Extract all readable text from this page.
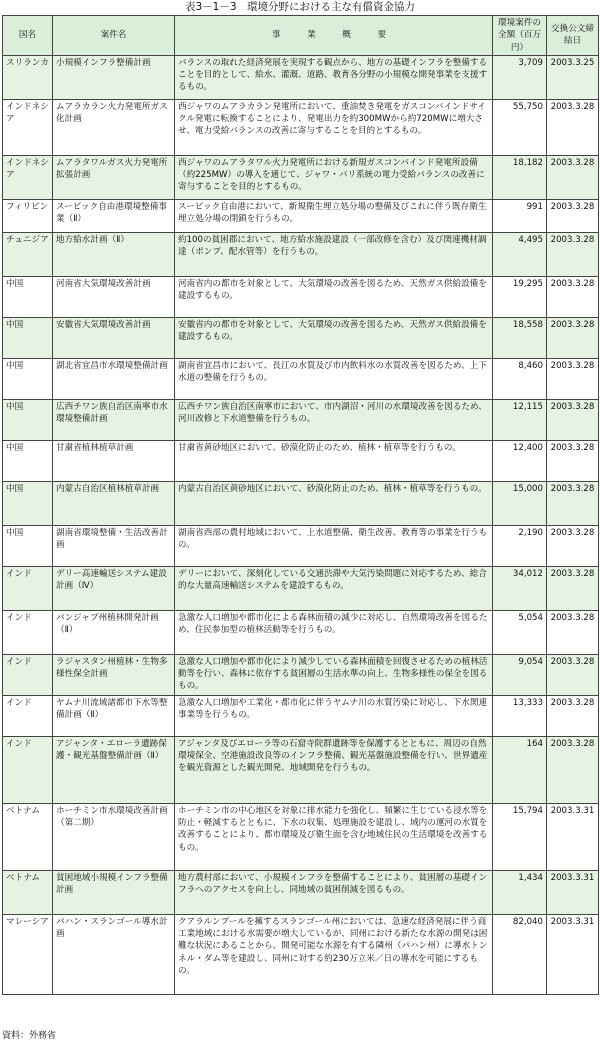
表3－1－3　環境分野における主な有償資金協力
国名	案件名	事　業　概　要	環境案件の全額（百万円）	交換公文締結日
スリランカ	小規模インフラ整備計画	バランスの取れた経済発展を実現する観点から、地方の基礎インフラを整備することを目的として、給水、灌漑、道路、教育各分野の小規模な開発事業を支援するもの。	3,709	2003.3.25
インドネシア	ムアラカラン火力発電所ガス化計画	西ジャワのムアラカラン発電所において、重油焚き発電をガスコンバインドサイクル発電に転換することにより、発電出力を約300MWから約720MWに増大させ、電力受給バランスの改善に寄与することを目的とするもの。	55,750	2003.3.28
インドネシア	ムアラタワルガス火力発電所拡張計画	西ジャワのムアラタワル火力発電所における新規ガスコンバインド発電所設備（約225MW）の導入を通じて、ジャワ・バリ系統の電力受給バランスの改善に寄与することを目的とするもの。	18,182	2003.3.28
フィリピン	スービック自由港環境整備事業（Ⅱ）	スービック自由港において、新規衛生埋立処分場の整備及びこれに伴う既存衛生埋立処分場の閉鎖を行うもの。	991	2003.3.28
チュニジア	地方給水計画（Ⅱ）	約100の貧困郡において、地方給水施設建設（一部改修を含む）及び関連機材調達（ポンプ、配水管等）を行うもの。	4,495	2003.3.28
中国	河南省大気環境改善計画	河南省内の都市を対象として、大気環境の改善を図るため、天然ガス供給設備を建設するもの。	19,295	2003.3.28
中国	安徽省大気環境改善計画	安徽省内の都市を対象として、大気環境の改善を図るため、天然ガス供給設備を建設するもの。	18,558	2003.3.28
中国	湖北省宜昌市水環境整備計画	湖南省宜昌市において、長江の水質及び市内飲料水の水質改善を図るため、上下水道の整備を行うもの。	8,460	2003.3.28
中国	広西チワン族自治区南寧市水環境整備計画	広西チワン族自治区南寧市において、市内湖沼・河川の水環境改善を図るため、河川改修と下水道整備を行うもの。	12,115	2003.3.28
中国	甘粛省植林植草計画	甘粛省黄砂地区において、砂漠化防止のため、植林・植草等を行うもの。	12,400	2003.3.28
中国	内蒙古自治区植林植草計画	内蒙古自治区黄砂地区において、砂漠化防止のため、植林・植草等を行うもの。	15,000	2003.3.28
中国	湖南省環境整備・生活改善計画	湖南省西部の農村地域において、上水道整備、衛生改善、教育等の事業を行うもの。	2,190	2003.3.28
インド	デリー高速輸送システム建設計画（Ⅳ）	デリーにおいて、深刻化している交通渋滞や大気汚染問題に対応するため、総合的な大量高速輸送システムを建設するもの。	34,012	2003.3.28
インド	パンジャブ州植林開発計画（Ⅱ）	急激な人口増加や都市化による森林面積の減少に対応し、自然環境改善を図るため、住民参加型の植林活動等を行うもの。	5,054	2003.3.28
インド	ラジャスタン州植林・生物多様性保全計画	急激な人口増加や都市化により減少している森林面積を回復させるための植林活動等を行い、森林に依存する貧困層の生活水準の向上、生物多様性の保全を図るもの。	9,054	2003.3.28
インド	ヤムナ川流域諸都市下水等整備計画（Ⅱ）	急激な人口増加や工業化・都市化に伴うヤムナ川の水質汚染に対応し、下水関連事業等を行うもの。	13,333	2003.3.28
インド	アジャンタ・エローラ遺跡保護・観光基盤整備計画（Ⅱ）	アジャンタ及びエローラ等の石窟寺院群遺跡等を保護するとともに、周辺の自然環境保全、空港施設改良等のインフラ整備、観光基盤施設整備を行い、世界遺産を観光資源とした観光開発、地域開発を行うもの。	164	2003.3.28
ベトナム	ホーチミン市水環境改善計画（第二期）	ホーチミン市の中心地区を対象に排水能力を強化し、頻繁に生じている浸水等を防止・軽減するとともに、下水の収集、処理施設を建設し、域内の運河の水質を改善することにより、都市環境及び衛生面を含む地域住民の生活環境を改善するもの。	15,794	2003.3.31
ベトナム	貧困地域小規模インフラ整備計画	地方農村部において、小規模インフラを整備することにより、貧困層の基礎インフラへのアクセスを向上し、同地域の貧困削減を図るもの。	1,434	2003.3.31
マレーシア	パハン・スランゴール導水計画	クアラルンプールを擁するスランゴール州においては、急速な経済発展に伴う商工業地域における水需要が増大しているが、同州における新たな水源の開発は困難な状況にあることから、開発可能な水源を有する隣州（パハン州）に導水トンネル・ダム等を建設し、同州に対する約230万立米／日の導水を可能にするもの。	82,040	2003.3.31
資料：外務省
